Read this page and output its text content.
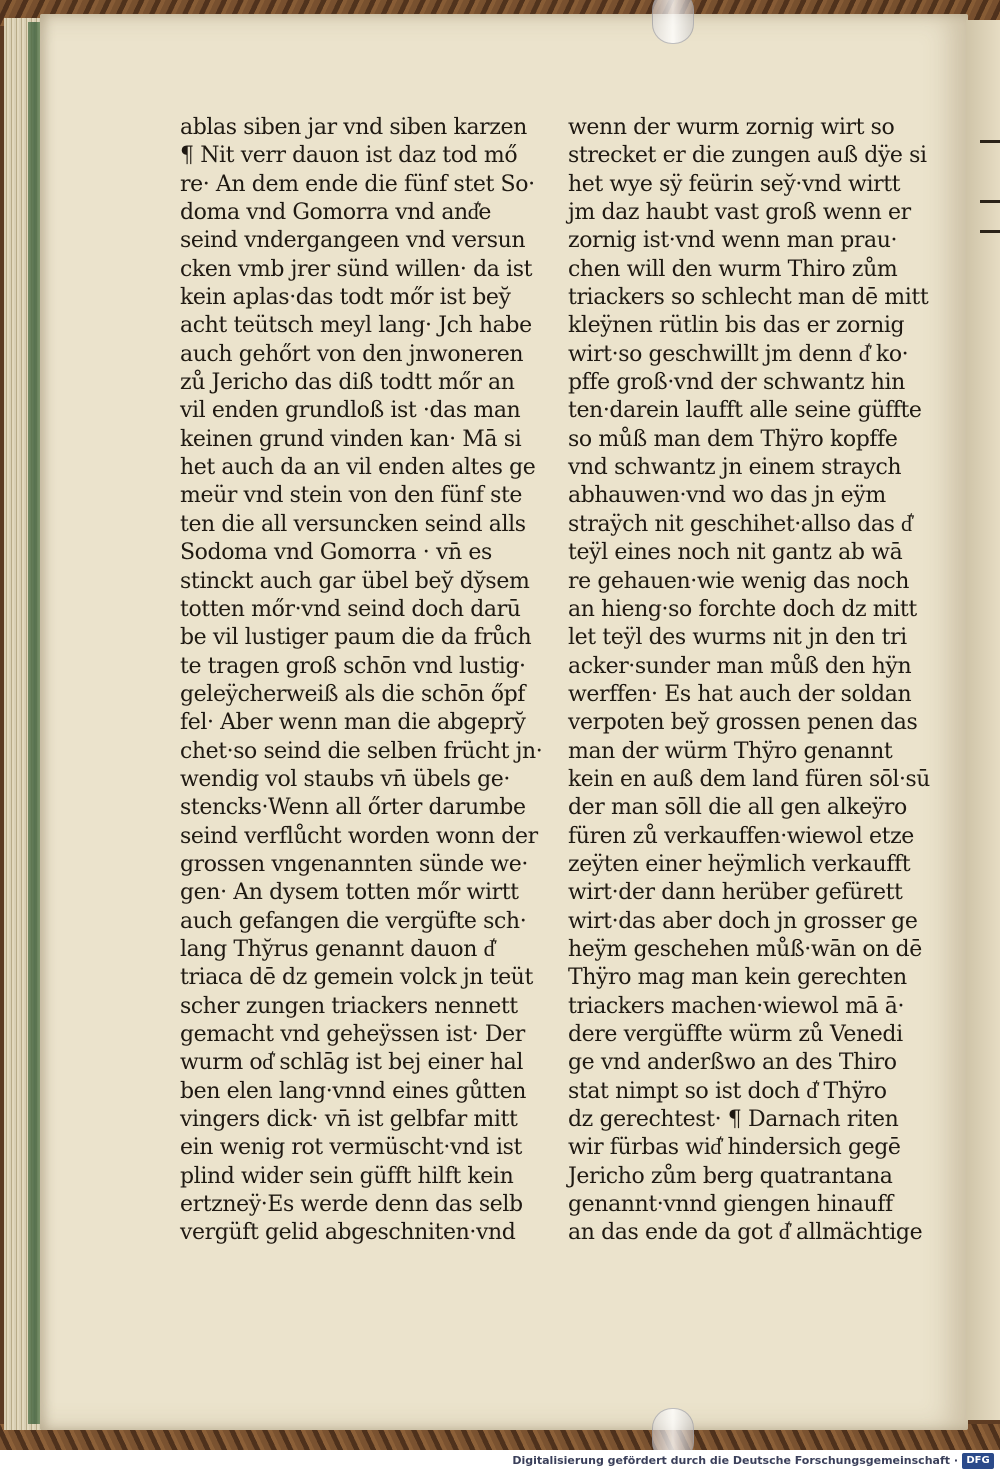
ablas siben jar vnd siben karzen
¶ Nit verr dauon ist daz tod mő
re· An dem ende die fünf stet So·
doma vnd Gomorra vnd and͛e
seind vndergangeen vnd versun
cken vmb jrer sünd willen· da ist
kein aplas·das todt mőr ist bey̆
acht teütsch meyl lang· Jch habe
auch gehőrt von den jnwoneren
zů Jericho das diß todtt mőr an
vil enden grundloß ist ·das man
keinen grund vinden kan· Mā si
het auch da an vil enden altes ge
meür vnd stein von den fünf ste
ten die all versuncken seind alls
Sodoma vnd Gomorra · vn̄ es
stinckt auch gar übel bey̆ dy̆sem
totten mőr·vnd seind doch darū
be vil lustiger paum die da frůch
te tragen groß schōn vnd lustig·
geleÿcherweiß als die schōn őpf
fel· Aber wenn man die abgepry̆
chet·so seind die selben frücht jn·
wendig vol staubs vn̄ übels ge·
stencks·Wenn all őrter darumbe
seind verflůcht worden wonn der
grossen vngenannten sünde we·
gen· An dysem totten mőr wirtt
auch gefangen die vergüfte sch·
lang Thy̆rus genannt dauon d͛
triaca dē dz gemein volck jn teüt
scher zungen triackers nennett
gemacht vnd geheÿssen ist· Der
wurm od͛ schlāg ist bej einer hal
ben elen lang·vnnd eines gůtten
vingers dick· vn̄ ist gelbfar mitt
ein wenig rot vermüscht·vnd ist
plind wider sein güfft hilft kein
ertzneÿ·Es werde denn das selb
vergüft gelid abgeschniten·vnd
wenn der wurm zornig wirt so
strecket er die zungen auß dÿe si
het wye sÿ feürin sey̆·vnd wirtt
jm daz haubt vast groß wenn er
zornig ist·vnd wenn man prau·
chen will den wurm Thiro zům
triackers so schlecht man dē mitt
kleÿnen rütlin bis das er zornig
wirt·so geschwillt jm denn d͛ ko·
pffe groß·vnd der schwantz hin
ten·darein laufft alle seine güffte
so můß man dem Thÿro kopffe
vnd schwantz jn einem straych
abhauwen·vnd wo das jn eÿm
straÿch nit geschihet·allso das d͛
teÿl eines noch nit gantz ab wā
re gehauen·wie wenig das noch
an hieng·so forchte doch dz mitt
let teÿl des wurms nit jn den tri
acker·sunder man můß den hÿn
werffen· Es hat auch der soldan
verpoten bey̆ grossen penen das
man der würm Thÿro genannt
kein en auß dem land füren sōl·sū
der man sōll die all gen alkeÿro
füren zů verkauffen·wiewol etze
zeÿten einer heÿmlich verkaufft
wirt·der dann herüber gefürett
wirt·das aber doch jn grosser ge
heÿm geschehen můß·wān on dē
Thÿro mag man kein gerechten
triackers machen·wiewol mā ā·
dere vergüffte würm zů Venedi
ge vnd anderßwo an des Thiro
stat nimpt so ist doch d͛ Thÿro
dz gerechtest· ¶ Darnach riten
wir fürbas wid͛ hindersich gegē
Jericho zům berg quatrantana
genannt·vnnd giengen hinauff
an das ende da got d͛ allmächtige
Digitalisierung gefördert durch die Deutsche Forschungsgemeinschaft · DFG
